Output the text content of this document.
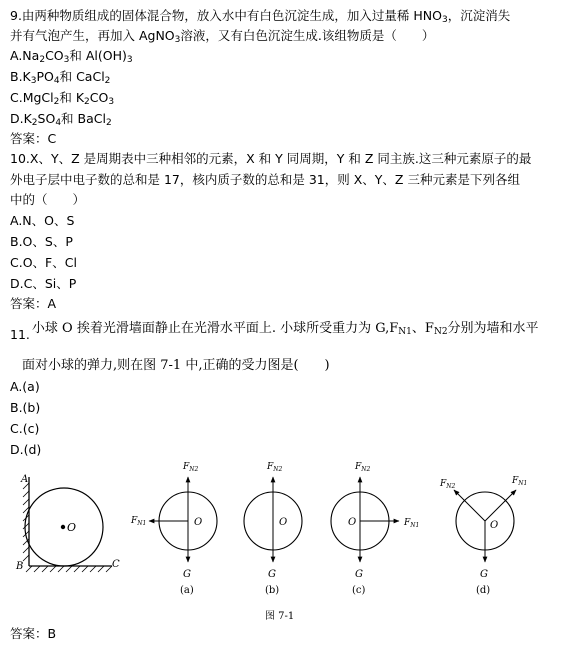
9.由两种物质组成的固体混合物，放入水中有白色沉淀生成，加入过量稀 $HNO_3$，沉淀消失
并有气泡产生，再加入 AgNO$_3$溶液，又有白色沉淀生成.该组物质是（　　）
$A.Na_2CO_3$和 $Al(OH)_3$
$B.K_3PO_4$和 CaCl$_2$
C.MgCl$_2$和 $K_2CO_3$
$D.K_2SO_4$和 BaCl$_2$
答案：C
10.X、Y、Z 是周期表中三种相邻的元素，X 和 Y 同周期，Y 和 Z 同主族.这三种元素原子的最
外电子层中电子数的总和是 17，核内质子数的总和是 31，则 X、Y、Z 三种元素是下列各组
中的（　　）
A.N、O、S
B.O、S、P
C.O、F、Cl
D.C、Si、P
答案：A
11. 小球 O 挨着光滑墙面静止在光滑水平面上. 小球所受重力为 $G,F_{N1}$、$F_{N2}$分别为墙和水平
面对小球的弹力,则在图 7-1 中,正确的受力图是(　　)
A.(a)
B.(b)
C.(c)
D.(d)
O
A
B	C
$F_{N2}$
$F_{N1}$	O
G
(a)
$F_{N2}$
O
G
(b)
$F_{N2}$
$F_{N1}$
O
G
(c)
$F_{N2}$
$F_{N1}$
O
G
(d)
图 7-1
答案：B
